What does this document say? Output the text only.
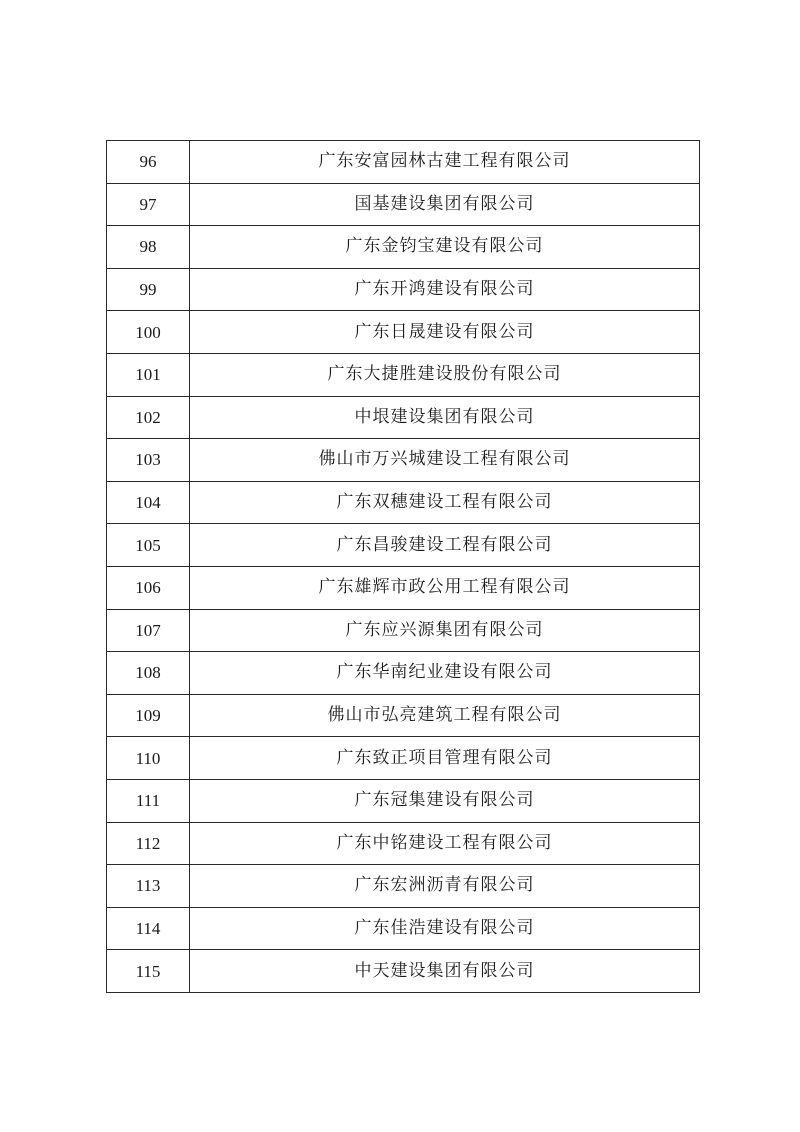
96	广东安富园林古建工程有限公司
97	国基建设集团有限公司
98	广东金钧宝建设有限公司
99	广东开鸿建设有限公司
100	广东日晟建设有限公司
101	广东大捷胜建设股份有限公司
102	中垠建设集团有限公司
103	佛山市万兴城建设工程有限公司
104	广东双穗建设工程有限公司
105	广东昌骏建设工程有限公司
106	广东雄辉市政公用工程有限公司
107	广东应兴源集团有限公司
108	广东华南纪业建设有限公司
109	佛山市弘亮建筑工程有限公司
110	广东致正项目管理有限公司
111	广东冠集建设有限公司
112	广东中铭建设工程有限公司
113	广东宏洲沥青有限公司
114	广东佳浩建设有限公司
115	中天建设集团有限公司
